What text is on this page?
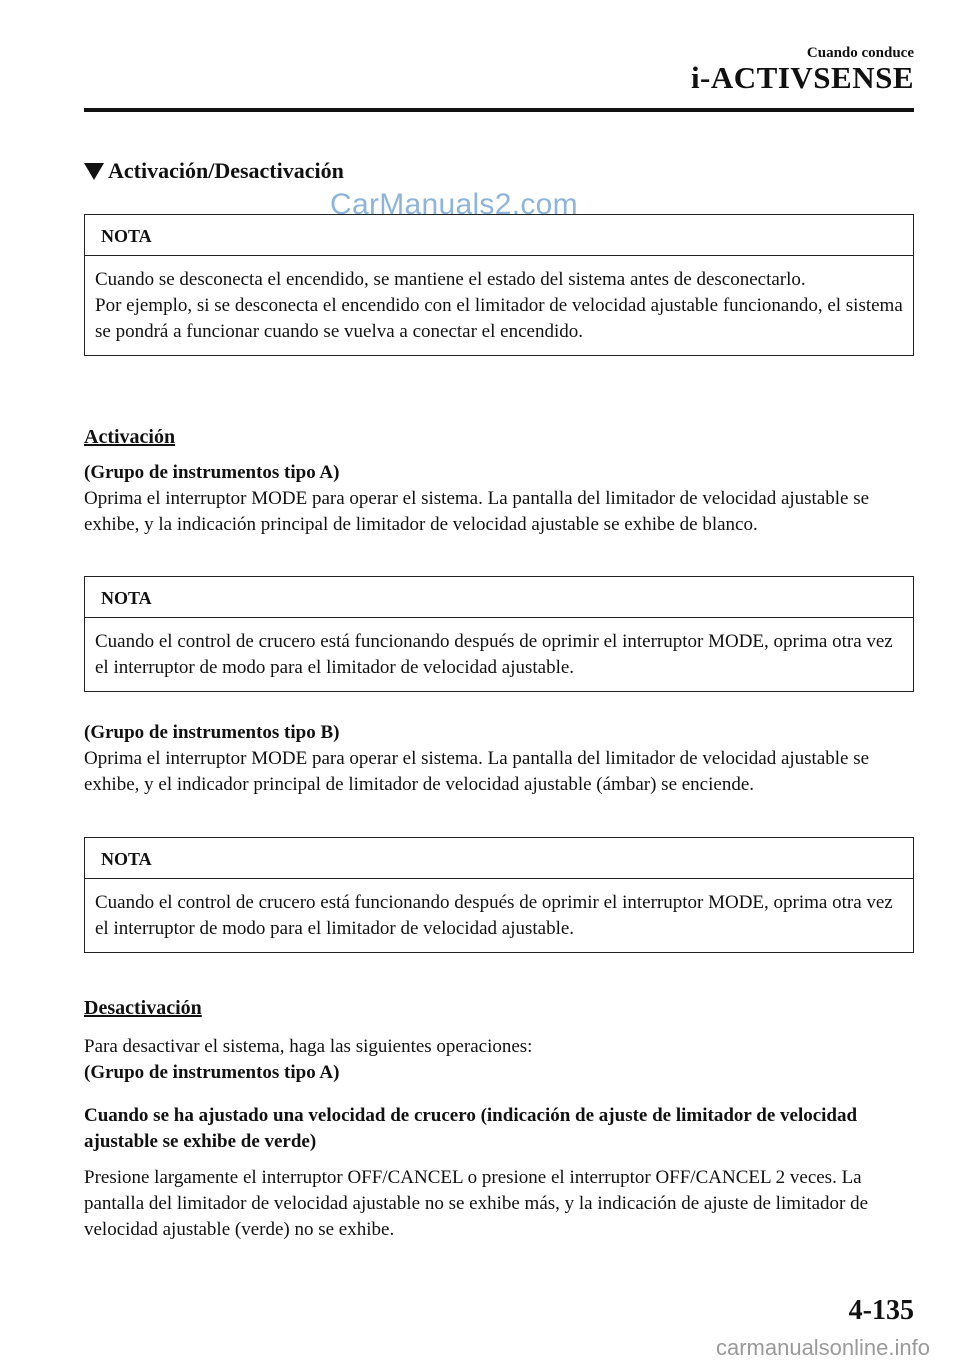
Cuando conduce
i-ACTIVSENSE
Activación/Desactivación
CarManuals2.com
NOTA
Cuando se desconecta el encendido, se mantiene el estado del sistema antes de desconectarlo.
Por ejemplo, si se desconecta el encendido con el limitador de velocidad ajustable funcionando, el sistema se pondrá a funcionar cuando se vuelva a conectar el encendido.
Activación
(Grupo de instrumentos tipo A)
Oprima el interruptor MODE para operar el sistema. La pantalla del limitador de velocidad ajustable se exhibe, y la indicación principal de limitador de velocidad ajustable se exhibe de blanco.
NOTA
Cuando el control de crucero está funcionando después de oprimir el interruptor MODE, oprima otra vez el interruptor de modo para el limitador de velocidad ajustable.
(Grupo de instrumentos tipo B)
Oprima el interruptor MODE para operar el sistema. La pantalla del limitador de velocidad ajustable se exhibe, y el indicador principal de limitador de velocidad ajustable (ámbar) se enciende.
NOTA
Cuando el control de crucero está funcionando después de oprimir el interruptor MODE, oprima otra vez el interruptor de modo para el limitador de velocidad ajustable.
Desactivación
Para desactivar el sistema, haga las siguientes operaciones:
(Grupo de instrumentos tipo A)
Cuando se ha ajustado una velocidad de crucero (indicación de ajuste de limitador de velocidad ajustable se exhibe de verde)
Presione largamente el interruptor OFF/CANCEL o presione el interruptor OFF/CANCEL 2 veces. La pantalla del limitador de velocidad ajustable no se exhibe más, y la indicación de ajuste de limitador de velocidad ajustable (verde) no se exhibe.
4-135
carmanualsonline.info
